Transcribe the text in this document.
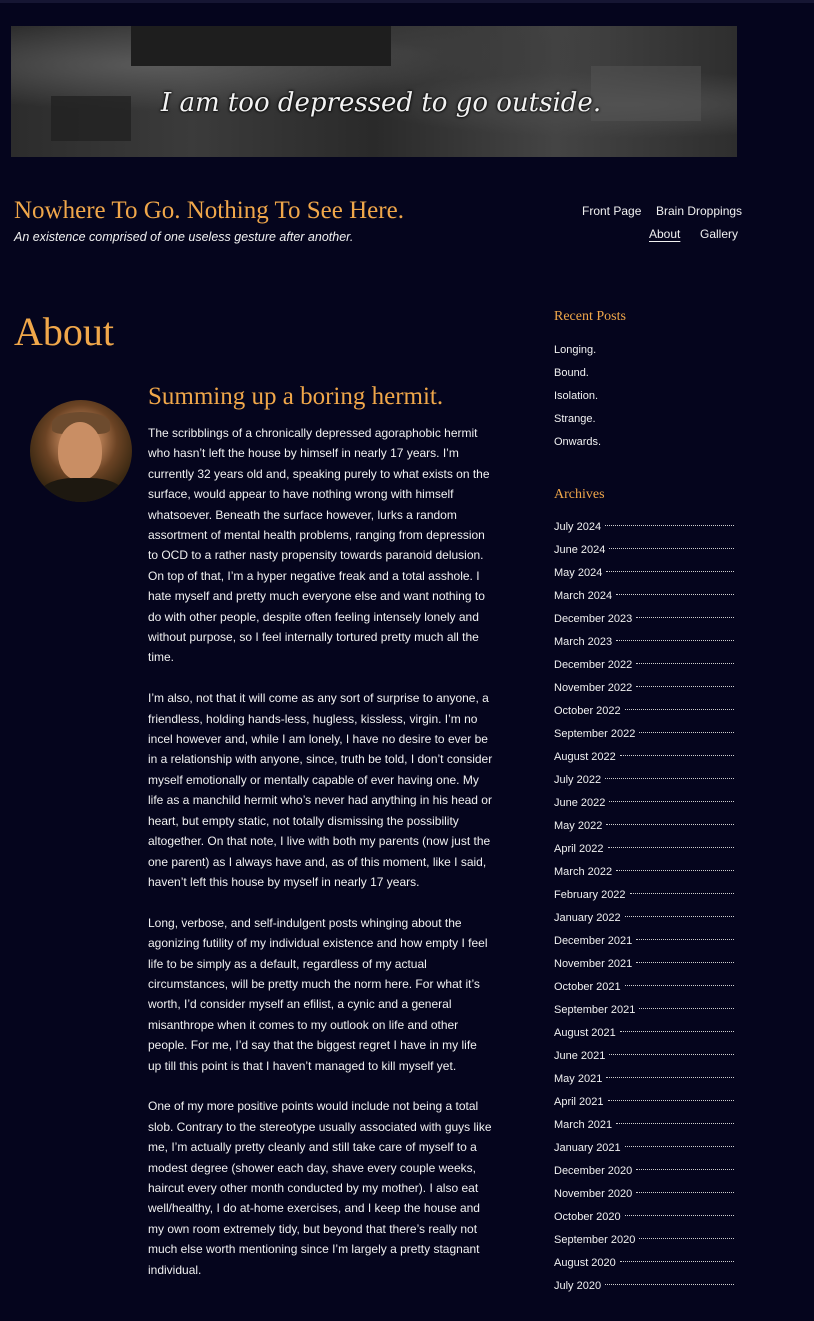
I am too depressed to go outside.
Nowhere To Go. Nothing To See Here.

An existence comprised of one useless gesture after another.

Front Page Brain Droppings
About Gallery
About
Summing up a boring hermit.

The scribblings of a chronically depressed agoraphobic hermit who hasn’t left the house by himself in nearly 17 years. I’m currently 32 years old and, speaking purely to what exists on the surface, would appear to have nothing wrong with himself whatsoever. Beneath the surface however, lurks a random assortment of mental health problems, ranging from depression to OCD to a rather nasty propensity towards paranoid delusion. On top of that, I’m a hyper negative freak and a total asshole. I hate myself and pretty much everyone else and want nothing to do with other people, despite often feeling intensely lonely and without purpose, so I feel internally tortured pretty much all the time.

I’m also, not that it will come as any sort of surprise to anyone, a friendless, holding hands-less, hugless, kissless, virgin. I’m no incel however and, while I am lonely, I have no desire to ever be in a relationship with anyone, since, truth be told, I don’t consider myself emotionally or mentally capable of ever having one. My life as a manchild hermit who’s never had anything in his head or heart, but empty static, not totally dismissing the possibility altogether. On that note, I live with both my parents (now just the one parent) as I always have and, as of this moment, like I said, haven’t left this house by myself in nearly 17 years.

Long, verbose, and self-indulgent posts whinging about the agonizing futility of my individual existence and how empty I feel life to be simply as a default, regardless of my actual circumstances, will be pretty much the norm here. For what it’s worth, I’d consider myself an efilist, a cynic and a general misanthrope when it comes to my outlook on life and other people. For me, I’d say that the biggest regret I have in my life up till this point is that I haven’t managed to kill myself yet.

One of my more positive points would include not being a total slob. Contrary to the stereotype usually associated with guys like me, I’m actually pretty cleanly and still take care of myself to a modest degree (shower each day, shave every couple weeks, haircut every other month conducted by my mother). I also eat well/healthy, I do at-home exercises, and I keep the house and my own room extremely tidy, but beyond that there’s really not much else worth mentioning since I’m largely a pretty stagnant individual.

Recent Posts
Longing.
Bound.
Isolation.
Strange.
Onwards.
Archives
July 2024
June 2024
May 2024
March 2024
December 2023
March 2023
December 2022
November 2022
October 2022
September 2022
August 2022
July 2022
June 2022
May 2022
April 2022
March 2022
February 2022
January 2022
December 2021
November 2021
October 2021
September 2021
August 2021
June 2021
May 2021
April 2021
March 2021
January 2021
December 2020
November 2020
October 2020
September 2020
August 2020
July 2020
